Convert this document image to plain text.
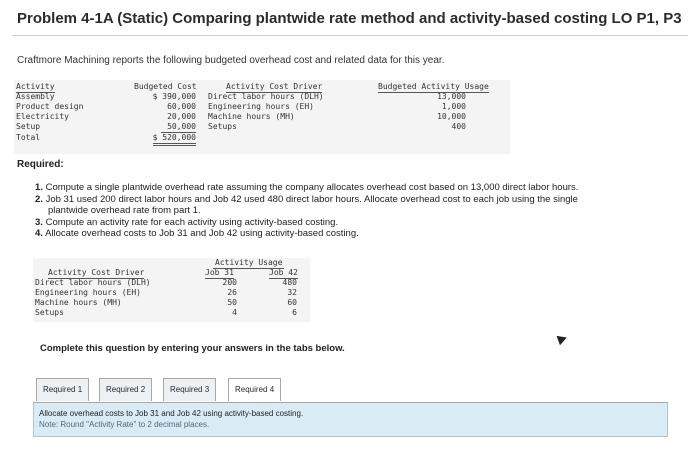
Problem 4-1A (Static) Comparing plantwide rate method and activity-based costing LO P1, P3
Craftmore Machining reports the following budgeted overhead cost and related data for this year.
Activity	Budgeted Cost	Activity Cost Driver	Budgeted Activity Usage
Assembly	$ 390,000 Direct labor hours (DLH)	13,000
Product design	60,000 Engineering hours (EH)	1,000
Electricity	20,000 Machine hours (MH)	10,000
Setup	50,000 Setups	400
Total	$ 520,000
Required:
1. Compute a single plantwide overhead rate assuming the company allocates overhead cost based on 13,000 direct labor hours.
2. Job 31 used 200 direct labor hours and Job 42 used 480 direct labor hours. Allocate overhead cost to each job using the single
plantwide overhead rate from part 1.
3. Compute an activity rate for each activity using activity-based costing.
4. Allocate overhead costs to Job 31 and Job 42 using activity-based costing.
Activity Usage
Activity Cost Driver	Job 31	Job 42
Direct labor hours (DLH)	200	480
Engineering hours (EH)	26	32
Machine hours (MH)	50	60
Setups	4	6
Complete this question by entering your answers in the tabs below.
Required 1	Required 2	Required 3	Required 4
Allocate overhead costs to Job 31 and Job 42 using activity-based costing.
Note: Round "Activity Rate" to 2 decimal places.
